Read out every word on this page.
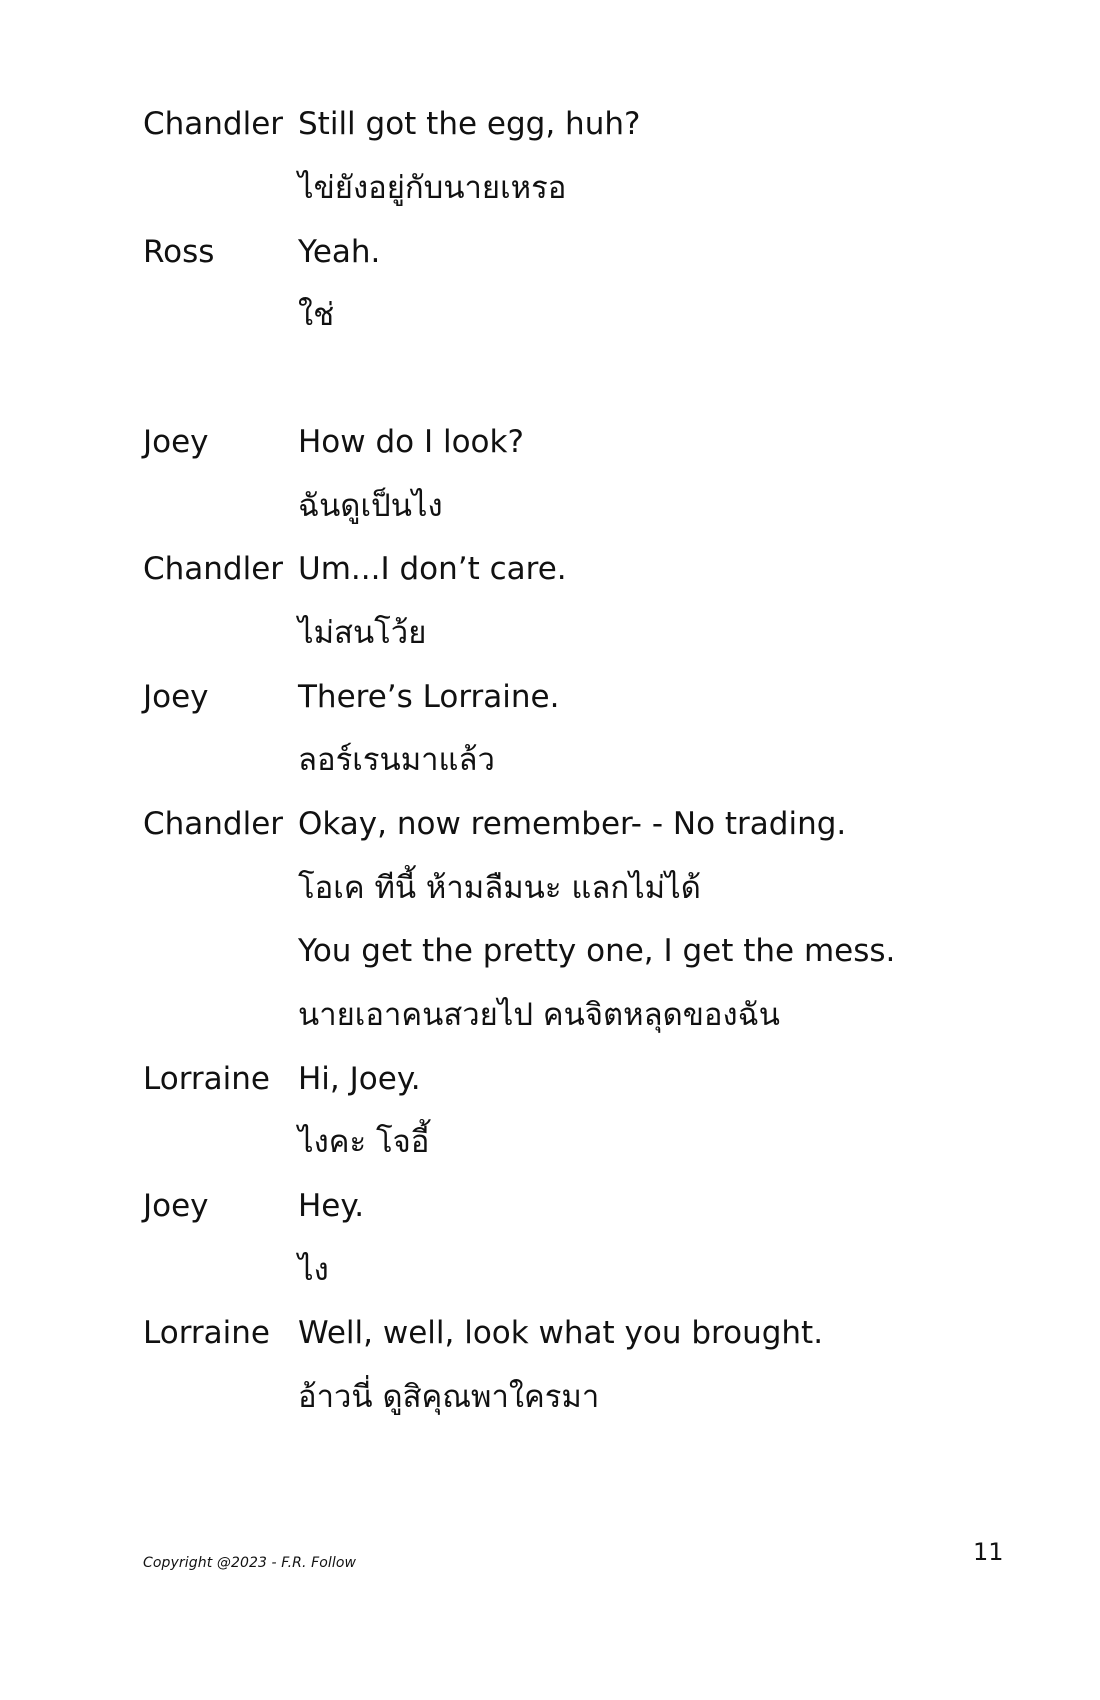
Chandler Still got the egg, huh?
ไข่ยังอยู่กับนายเหรอ
Ross	Yeah.
ใช่
Joey	How do I look?
ฉันดูเป็นไง
Chandler Um...I don’t care.
ไม่สนโว้ย
Joey	There’s Lorraine.
ลอร์เรนมาแล้ว
Chandler Okay, now remember- - No trading.
โอเค ทีนี้ ห้ามลืมนะ แลกไม่ได้
You get the pretty one, I get the mess.
นายเอาคนสวยไป คนจิตหลุดของฉัน
Lorraine Hi, Joey.
ไงคะ โจอี้
Joey	Hey.
ไง
Lorraine Well, well, look what you brought.
อ้าวนี่ ดูสิคุณพาใครมา
Copyright @2023 - F.R. Follow	11
